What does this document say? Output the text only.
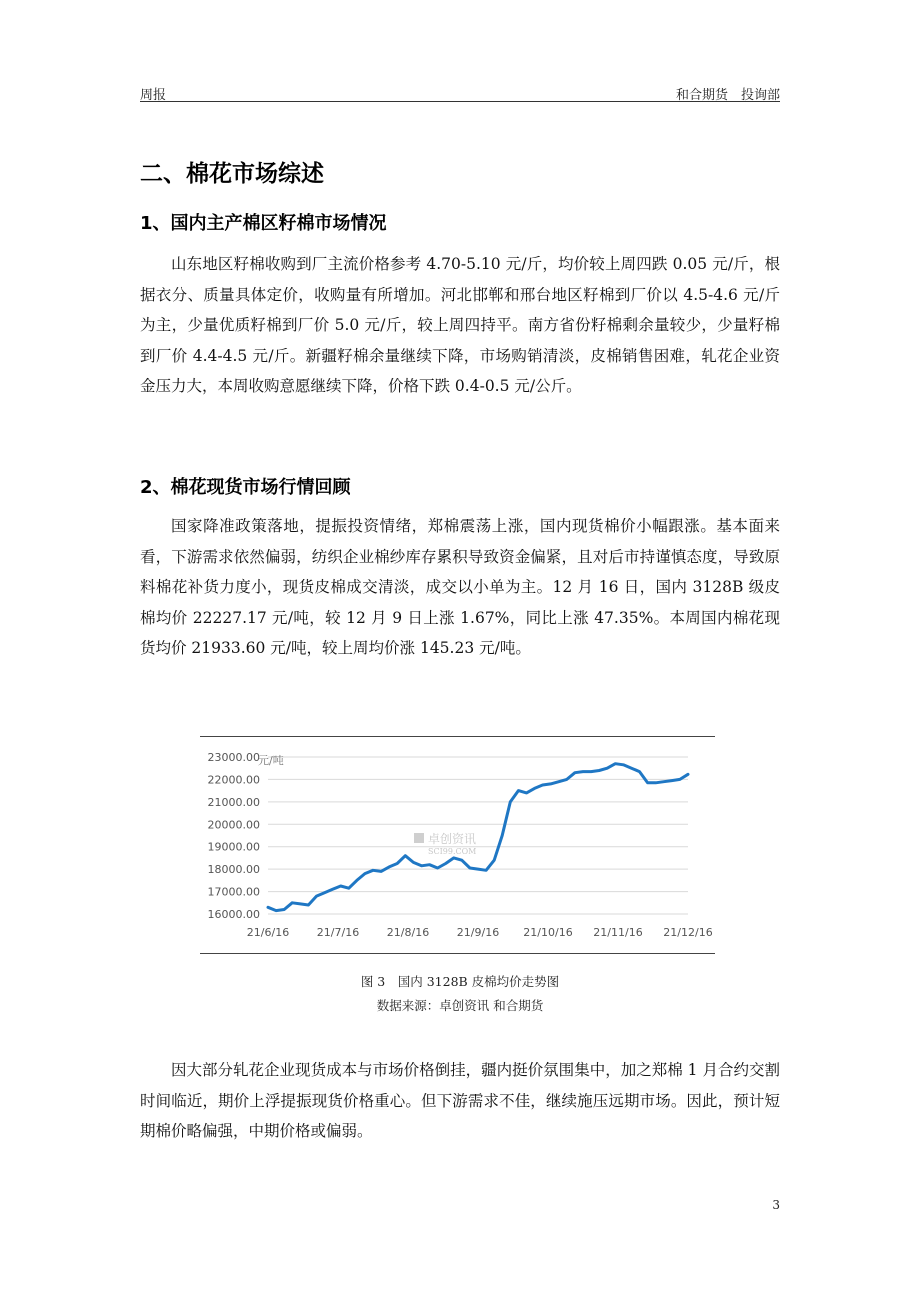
周报	和合期货　投询部
二、棉花市场综述
1、国内主产棉区籽棉市场情况

山东地区籽棉收购到厂主流价格参考 4.70-5.10 元/斤，均价较上周四跌 0.05 元/斤，根据衣分、质量具体定价，收购量有所增加。河北邯郸和邢台地区籽棉到厂价以 4.5-4.6 元/斤为主，少量优质籽棉到厂价 5.0 元/斤，较上周四持平。南方省份籽棉剩余量较少，少量籽棉到厂价 4.4-4.5 元/斤。新疆籽棉余量继续下降，市场购销清淡，皮棉销售困难，轧花企业资金压力大，本周收购意愿继续下降，价格下跌 0.4-0.5 元/公斤。

2、棉花现货市场行情回顾

国家降准政策落地，提振投资情绪，郑棉震荡上涨，国内现货棉价小幅跟涨。基本面来看，下游需求依然偏弱，纺织企业棉纱库存累积导致资金偏紧，且对后市持谨慎态度，导致原料棉花补货力度小，现货皮棉成交清淡，成交以小单为主。12 月 16 日，国内 3128B 级皮棉均价 22227.17 元/吨，较 12 月 9 日上涨 1.67%，同比上涨 47.35%。本周国内棉花现货均价 21933.60 元/吨，较上周均价涨 145.23 元/吨。

16000.00
17000.00
18000.00
19000.00
20000.00
21000.00
22000.00
23000.00
21/6/16	21/7/16	21/8/16	21/9/16 21/10/16 21/11/16 21/12/16
卓创资讯
SCI99.COM
元/吨
图 3　国内 3128B 皮棉均价走势图
数据来源：卓创资讯 和合期货

因大部分轧花企业现货成本与市场价格倒挂，疆内挺价氛围集中，加之郑棉 1 月合约交割时间临近，期价上浮提振现货价格重心。但下游需求不佳，继续施压远期市场。因此，预计短期棉价略偏强，中期价格或偏弱。

3
